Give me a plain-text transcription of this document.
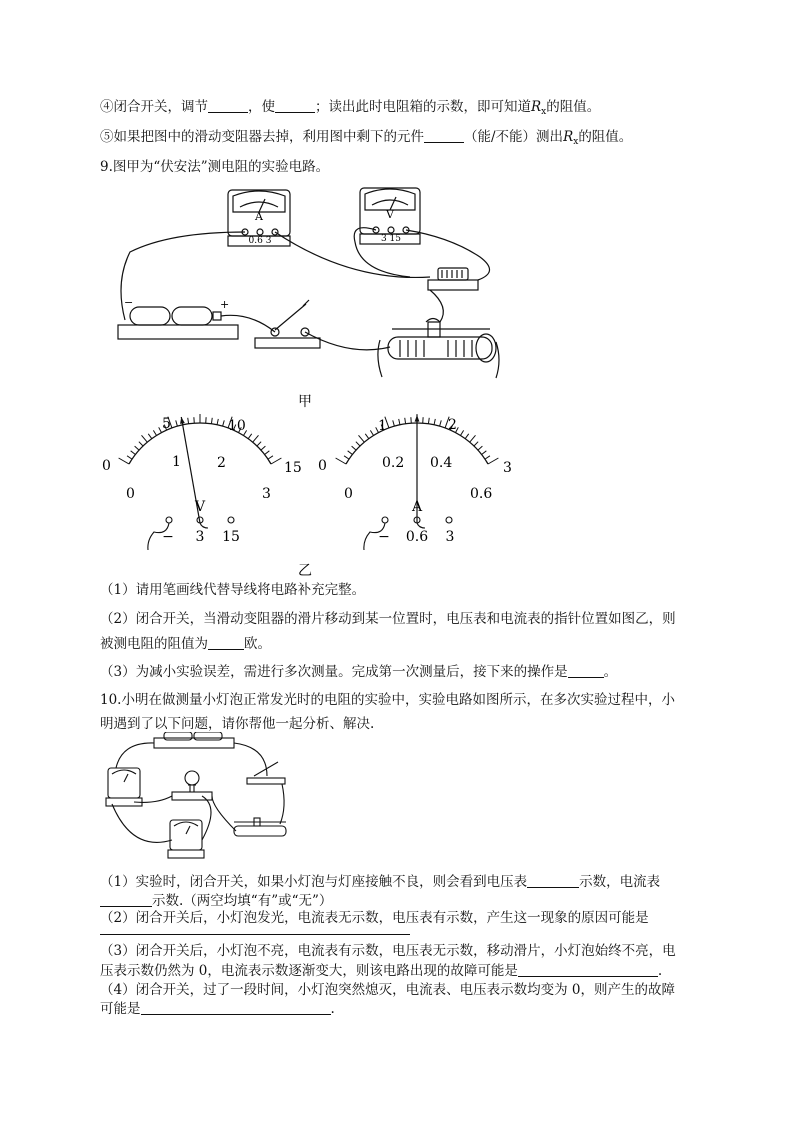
④闭合开关，调节	，使	；读出此时电阻箱的示数，即可知道$R_x$的阻值。
⑤如果把图中的滑动变阻器去掉，利用图中剩下的元件	（能/不能）测出$R_x$的阻值。
9.图甲为“伏安法”测电阻的实验电路。
A
0.6 3
V
3 15
−	+
甲
0
5	10
15
0
1	2
3
V
− 3 15
0
1	2
3
0
0.2 0.4
0.6
A
− 0.6 3
乙
（1）请用笔画线代替导线将电路补充完整。
（2）闭合开关，当滑动变阻器的滑片移动到某一位置时，电压表和电流表的指针位置如图乙，则
被测电阻的阻值为	欧。
（3）为减小实验误差，需进行多次测量。完成第一次测量后，接下来的操作是	。
10.小明在做测量小灯泡正常发光时的电阻的实验中，实验电路如图所示，在多次实验过程中，小
明遇到了以下问题，请你帮他一起分析、解决.
（1）实验时，闭合开关，如果小灯泡与灯座接触不良，则会看到电压表	示数，电流表
示数.（两空均填“有”或“无”）
（2）闭合开关后，小灯泡发光，电流表无示数，电压表有示数，产生这一现象的原因可能是
（3）闭合开关后，小灯泡不亮，电流表有示数，电压表无示数，移动滑片，小灯泡始终不亮，电
压表示数仍然为 0，电流表示数逐渐变大，则该电路出现的故障可能是	.
（4）闭合开关，过了一段时间，小灯泡突然熄灭，电流表、电压表示数均变为 0，则产生的故障
可能是	.
